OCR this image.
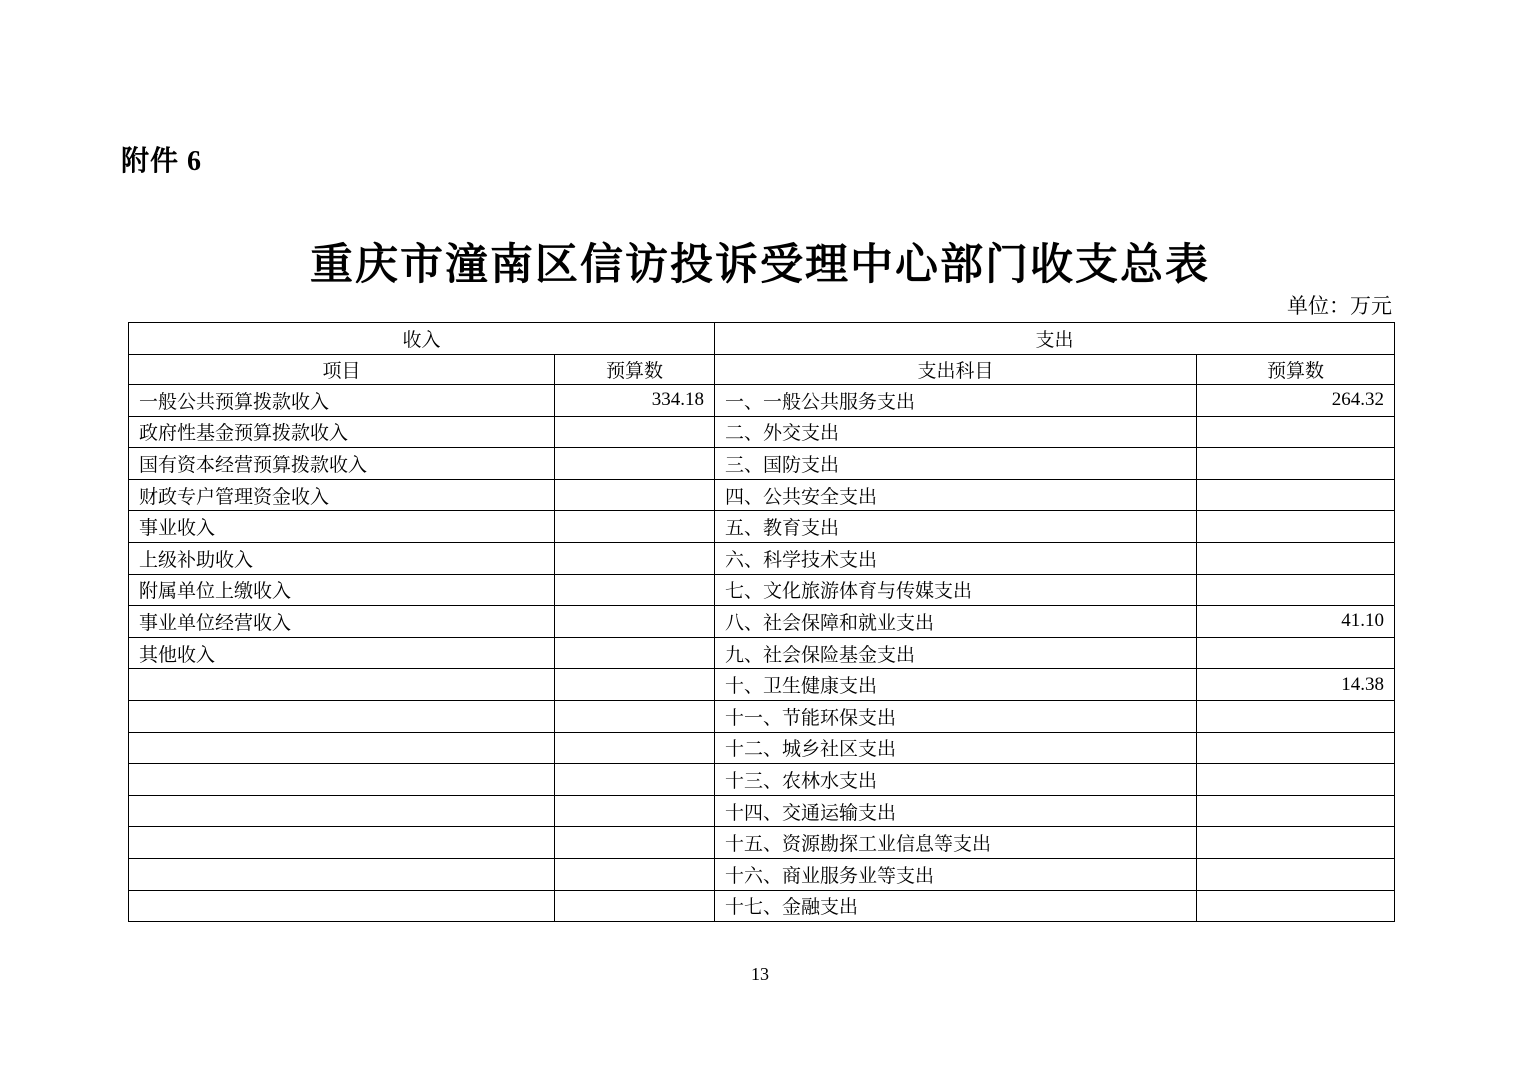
附件 6
重庆市潼南区信访投诉受理中心部门收支总表
单位：万元
收入		支出	
项目	预算数	支出科目	预算数
一般公共预算拨款收入	334.18	一、一般公共服务支出	264.32
政府性基金预算拨款收入		二、外交支出	
国有资本经营预算拨款收入		三、国防支出	
财政专户管理资金收入		四、公共安全支出	
事业收入		五、教育支出	
上级补助收入		六、科学技术支出	
附属单位上缴收入		七、文化旅游体育与传媒支出	
事业单位经营收入		八、社会保障和就业支出	41.10
其他收入		九、社会保险基金支出	
		十、卫生健康支出	14.38
		十一、节能环保支出	
		十二、城乡社区支出	
		十三、农林水支出	
		十四、交通运输支出	
		十五、资源勘探工业信息等支出	
		十六、商业服务业等支出	
		十七、金融支出	
13
